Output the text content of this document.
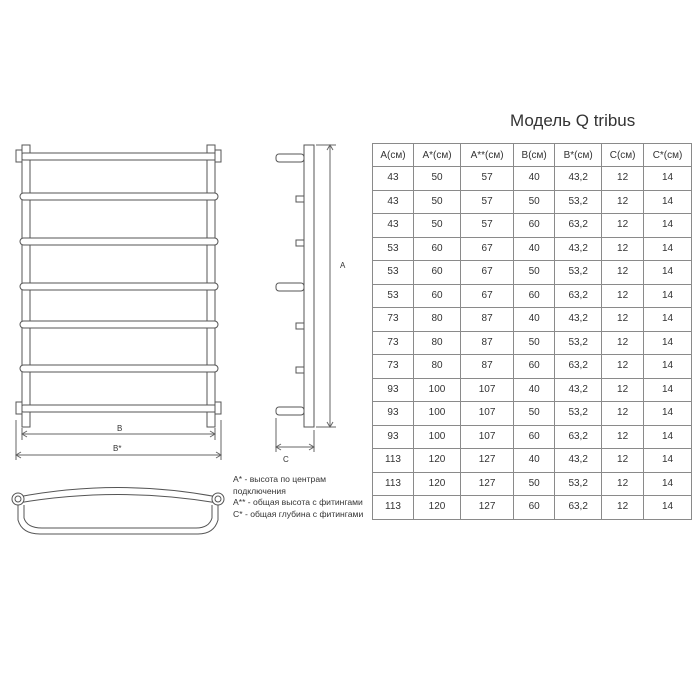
A
B
B*
C
Модель Q tribus
A* - высота по центрам
подключения
A** - общая высота с фитингами
C* - общая глубина с фитингами
A(см)	A*(см)	A**(см)	B(см)	B*(см)	C(см)	C*(см)
43	50	57	40	43,2	12	14
43	50	57	50	53,2	12	14
43	50	57	60	63,2	12	14
53	60	67	40	43,2	12	14
53	60	67	50	53,2	12	14
53	60	67	60	63,2	12	14
73	80	87	40	43,2	12	14
73	80	87	50	53,2	12	14
73	80	87	60	63,2	12	14
93	100	107	40	43,2	12	14
93	100	107	50	53,2	12	14
93	100	107	60	63,2	12	14
113	120	127	40	43,2	12	14
113	120	127	50	53,2	12	14
113	120	127	60	63,2	12	14
